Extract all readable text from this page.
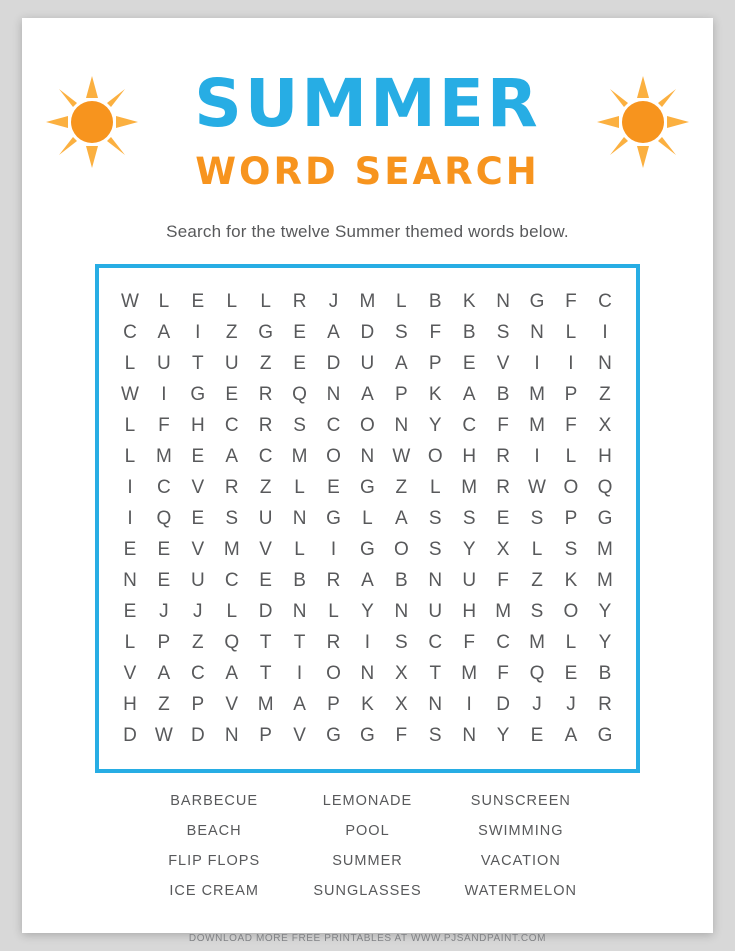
SUMMER
WORD SEARCH
Search for the twelve Summer themed words below.
W	L	E	L	L	R	J	M	L	B	K	N	G	F	C
C	A	I	Z	G	E	A	D	S	F	B	S	N	L	I
L	U	T	U	Z	E	D	U	A	P	E	V	I	I	N
W	I	G	E	R	Q	N	A	P	K	A	B	M	P	Z
L	F	H	C	R	S	C	O	N	Y	C	F	M	F	X
L	M	E	A	C	M	O	N	W	O	H	R	I	L	H
I	C	V	R	Z	L	E	G	Z	L	M	R	W	O	Q
I	Q	E	S	U	N	G	L	A	S	S	E	S	P	G
E	E	V	M	V	L	I	G	O	S	Y	X	L	S	M
N	E	U	C	E	B	R	A	B	N	U	F	Z	K	M
E	J	J	L	D	N	L	Y	N	U	H	M	S	O	Y
L	P	Z	Q	T	T	R	I	S	C	F	C	M	L	Y
V	A	C	A	T	I	O	N	X	T	M	F	Q	E	B
H	Z	P	V	M	A	P	K	X	N	I	D	J	J	R
D	W	D	N	P	V	G	G	F	S	N	Y	E	A	G
BARBECUE	LEMONADE	SUNSCREEN
BEACH	POOL	SWIMMING
FLIP FLOPS	SUMMER	VACATION
ICE CREAM	SUNGLASSES	WATERMELON
DOWNLOAD MORE FREE PRINTABLES AT WWW.PJSANDPAINT.COM
